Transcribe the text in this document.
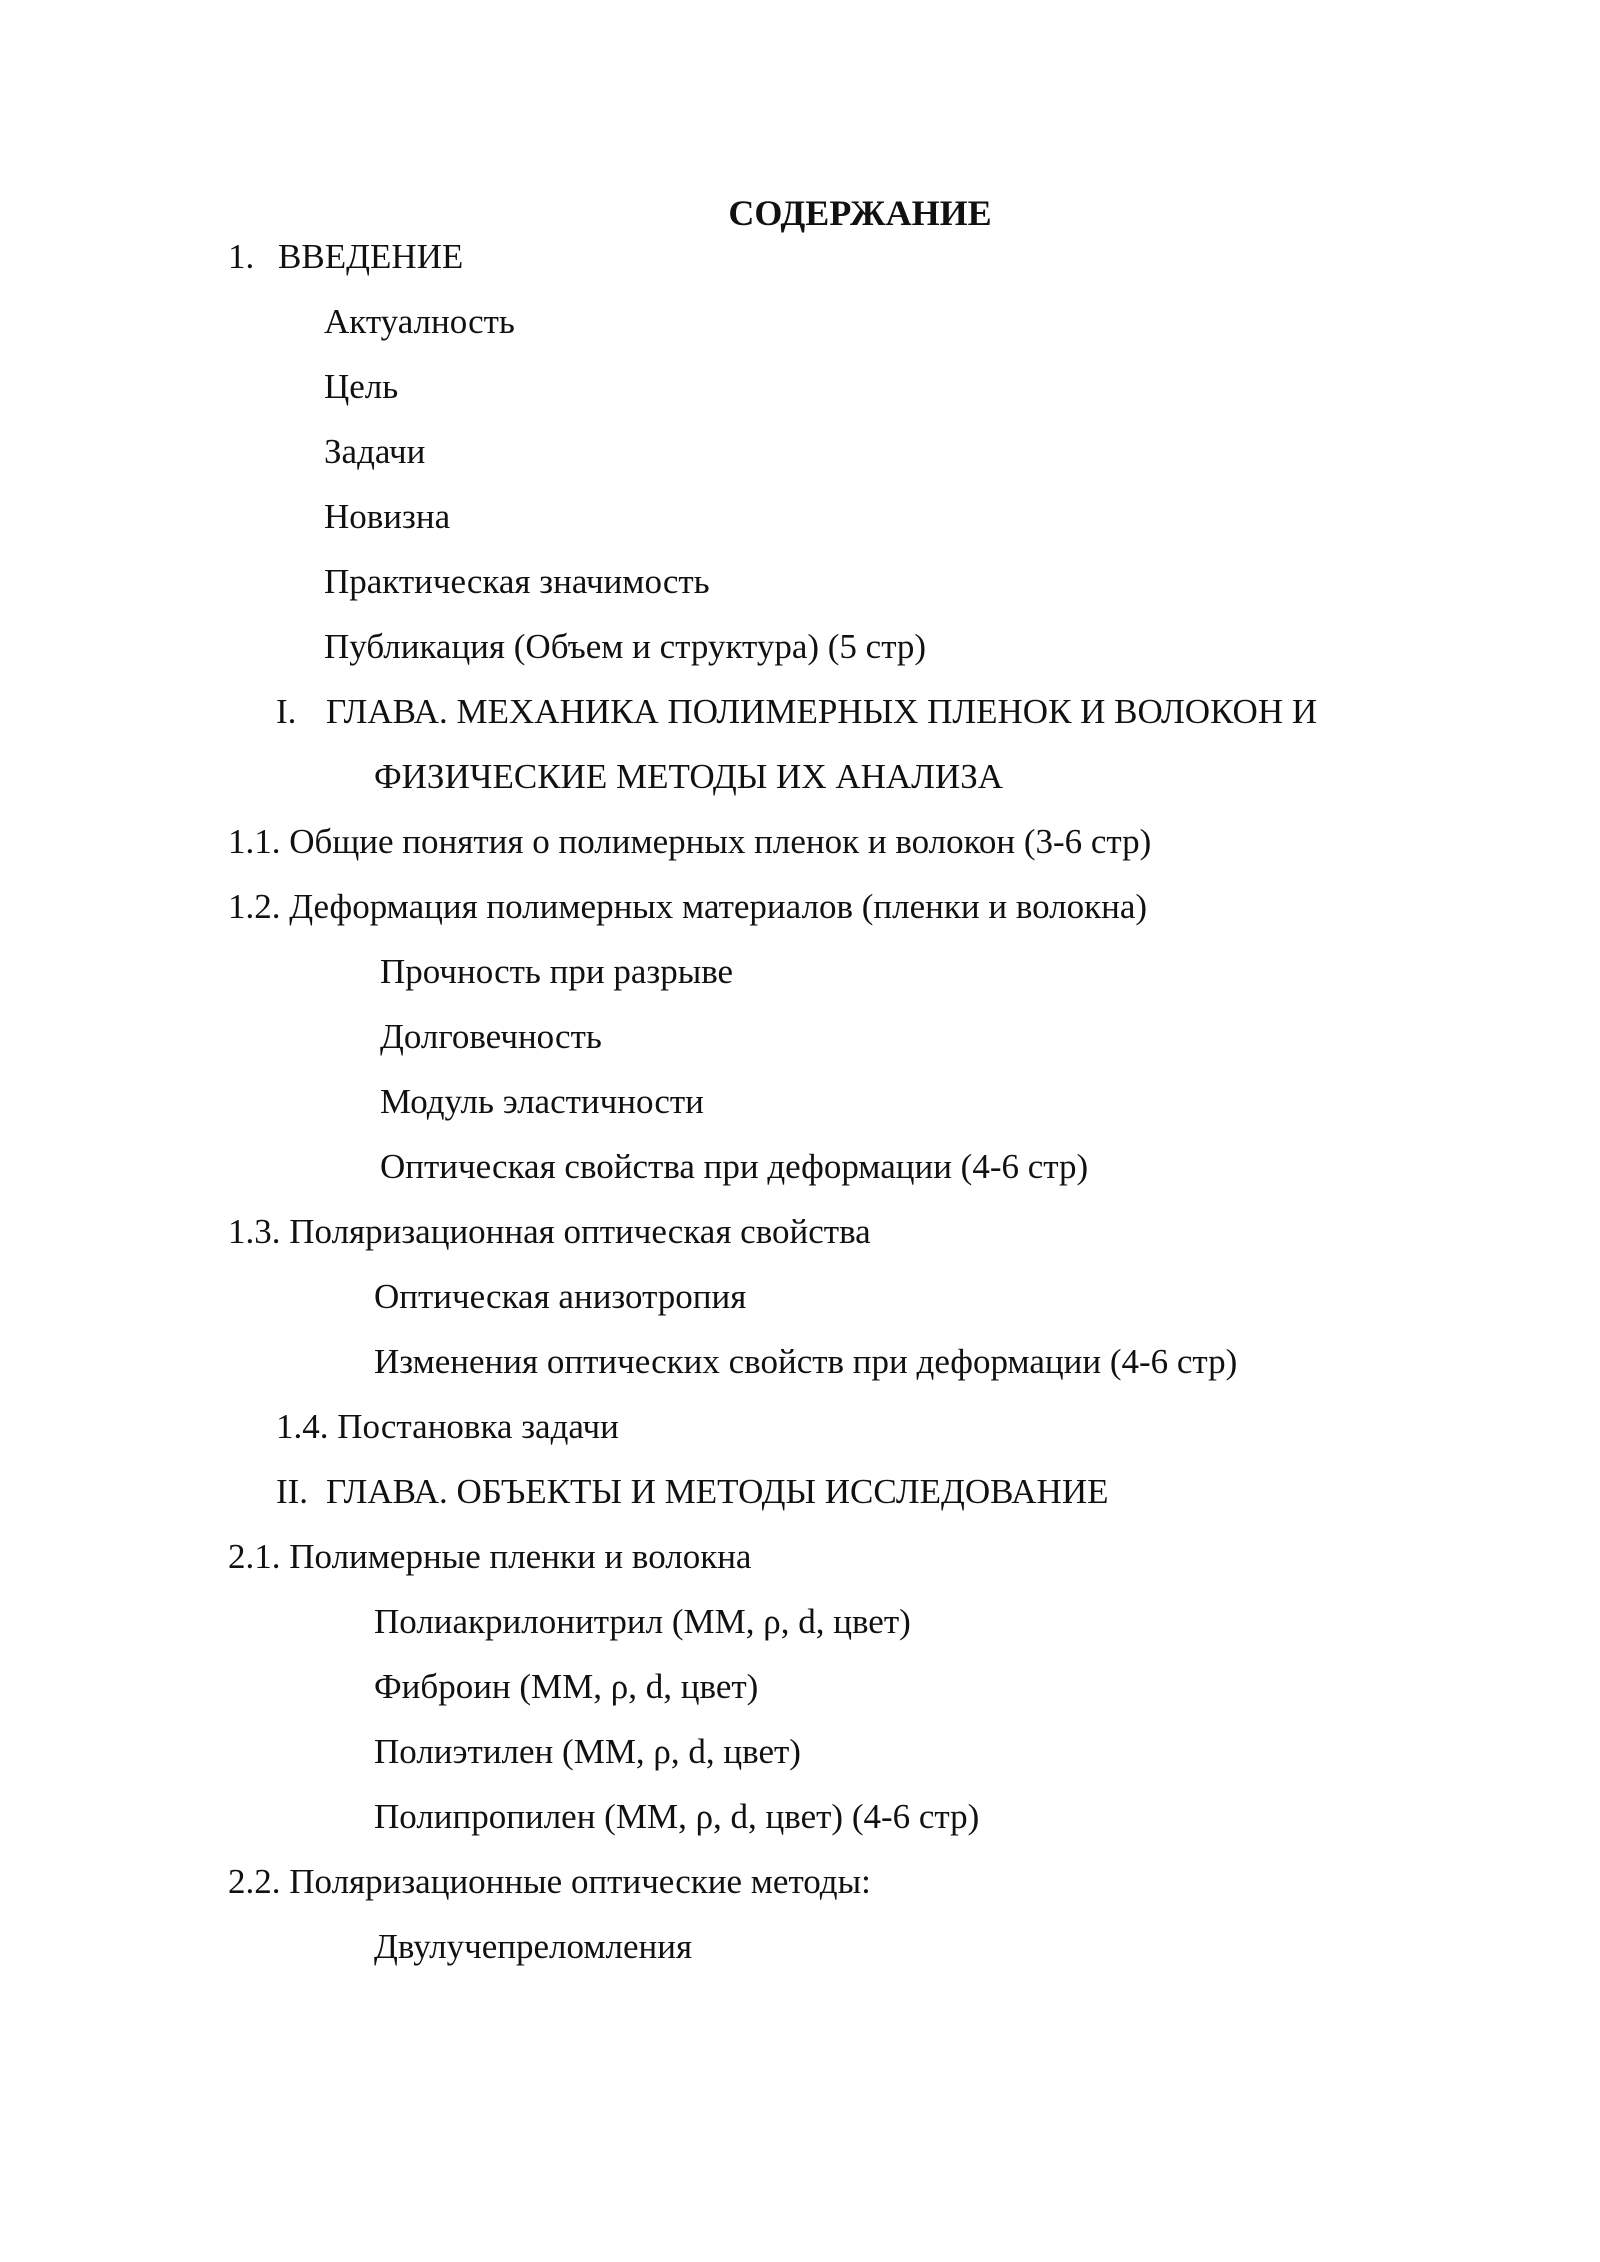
СОДЕРЖАНИЕ
1. ВВЕДЕНИЕ
Актуалность
Цель
Задачи
Новизна
Практическая значимость
Публикация (Объем и структура) (5 стр)
I. ГЛАВА. МЕХАНИКА ПОЛИМЕРНЫХ ПЛЕНОК И ВОЛОКОН И
ФИЗИЧЕСКИЕ МЕТОДЫ ИХ АНАЛИЗА
1.1. Общие понятия о полимерных пленок и волокон (3-6 стр)
1.2. Деформация полимерных материалов (пленки и волокна)
Прочность при разрыве
Долговечность
Модуль эластичности
Оптическая свойства при деформации (4-6 стр)
1.3. Поляризационная оптическая свойства
Оптическая анизотропия
Изменения оптических свойств при деформации (4-6 стр)
1.4. Постановка задачи
II. ГЛАВА. ОБЪЕКТЫ И МЕТОДЫ ИССЛЕДОВАНИЕ
2.1. Полимерные пленки и волокна
Полиакрилонитрил (ММ, ρ, d, цвет)
Фиброин (ММ, ρ, d, цвет)
Полиэтилен (ММ, ρ, d, цвет)
Полипропилен (ММ, ρ, d, цвет) (4-6 стр)
2.2. Поляризационные оптические методы:
Двулучепреломления
